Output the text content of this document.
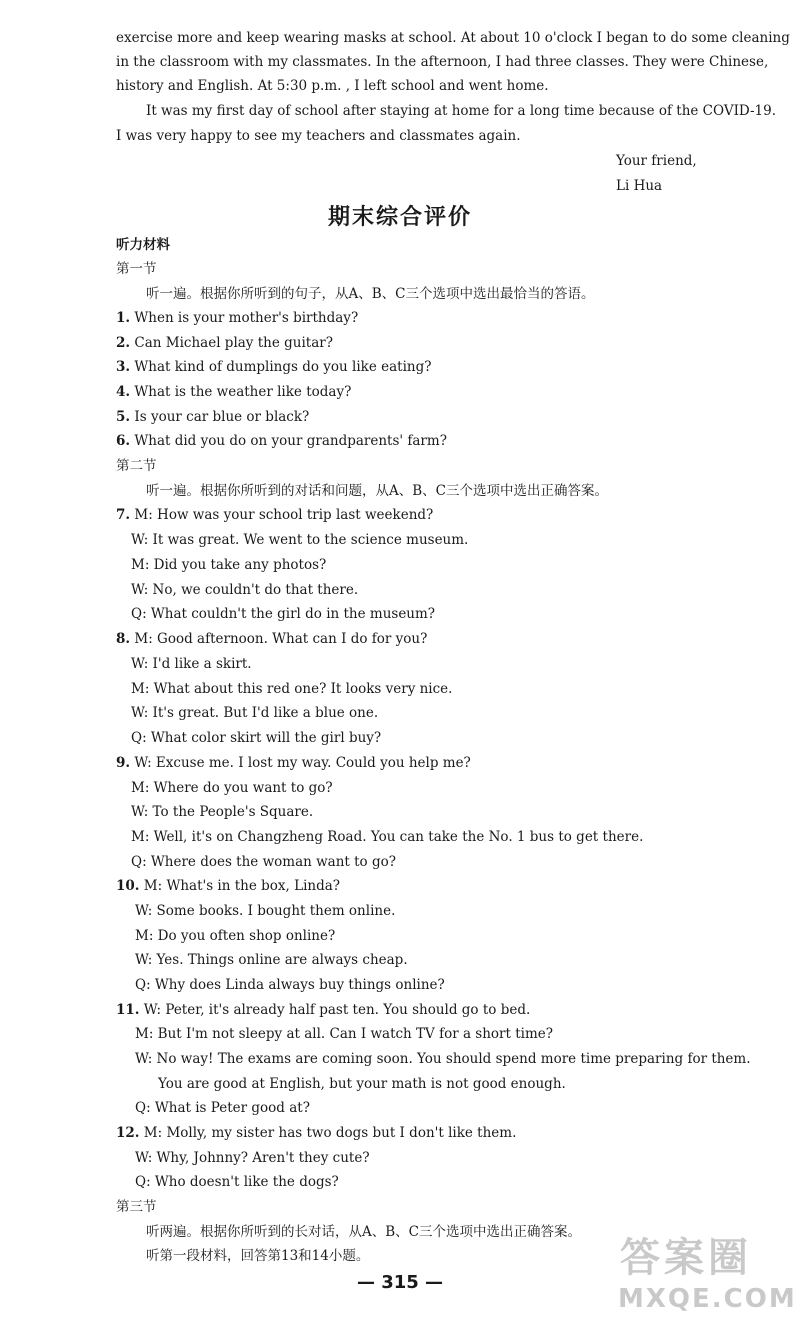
exercise more and keep wearing masks at school. At about 10 o'clock I began to do some cleaning
in the classroom with my classmates. In the afternoon, I had three classes. They were Chinese,
history and English. At 5:30 p.m. , I left school and went home.
It was my first day of school after staying at home for a long time because of the COVID-19.
I was very happy to see my teachers and classmates again.
Your friend,
Li Hua
期末综合评价
听力材料
第一节
听一遍。根据你所听到的句子，从A、B、C三个选项中选出最恰当的答语。
1. When is your mother's birthday?
2. Can Michael play the guitar?
3. What kind of dumplings do you like eating?
4. What is the weather like today?
5. Is your car blue or black?
6. What did you do on your grandparents' farm?
第二节
听一遍。根据你所听到的对话和问题，从A、B、C三个选项中选出正确答案。
7. M: How was your school trip last weekend?
W: It was great. We went to the science museum.
M: Did you take any photos?
W: No, we couldn't do that there.
Q: What couldn't the girl do in the museum?
8. M: Good afternoon. What can I do for you?
W: I'd like a skirt.
M: What about this red one? It looks very nice.
W: It's great. But I'd like a blue one.
Q: What color skirt will the girl buy?
9. W: Excuse me. I lost my way. Could you help me?
M: Where do you want to go?
W: To the People's Square.
M: Well, it's on Changzheng Road. You can take the No. 1 bus to get there.
Q: Where does the woman want to go?
10. M: What's in the box, Linda?
W: Some books. I bought them online.
M: Do you often shop online?
W: Yes. Things online are always cheap.
Q: Why does Linda always buy things online?
11. W: Peter, it's already half past ten. You should go to bed.
M: But I'm not sleepy at all. Can I watch TV for a short time?
W: No way! The exams are coming soon. You should spend more time preparing for them.
You are good at English, but your math is not good enough.
Q: What is Peter good at?
12. M: Molly, my sister has two dogs but I don't like them.
W: Why, Johnny? Aren't they cute?
Q: Who doesn't like the dogs?
第三节
听两遍。根据你所听到的长对话，从A、B、C三个选项中选出正确答案。
听第一段材料，回答第13和14小题。
— 315 —
答案圈
MXQE.COM
